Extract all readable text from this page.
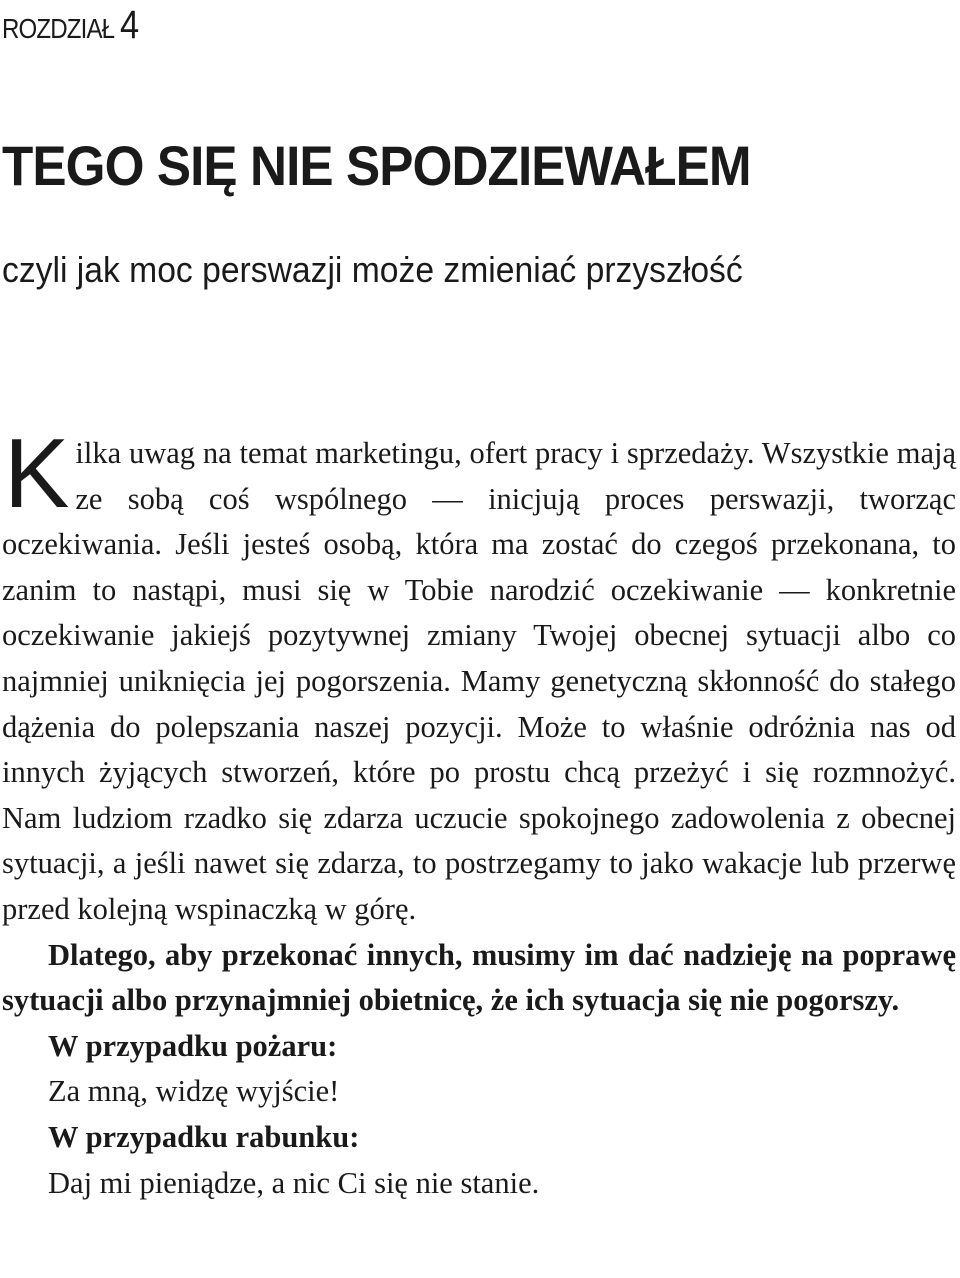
ROZDZIAŁ 4
TEGO SIĘ NIE SPODZIEWAŁEM
czyli jak moc perswazji może zmieniać przyszłość

Kilka uwag na temat marketingu, ofert pracy i sprzedaży. Wszystkie mają ze sobą coś wspólnego — inicjują proces perswazji, tworząc oczekiwania. Jeśli jesteś osobą, która ma zostać do czegoś przekonana, to zanim to nastąpi, musi się w Tobie narodzić oczekiwanie — konkretnie oczekiwanie jakiejś pozytywnej zmiany Twojej obecnej sytuacji albo co najmniej uniknięcia jej pogorszenia. Mamy genetyczną skłonność do stałego dążenia do polepszania naszej pozycji. Może to właśnie odróżnia nas od innych żyjących stworzeń, które po prostu chcą przeżyć i się rozmnożyć. Nam ludziom rzadko się zdarza uczucie spokojnego zadowolenia z obecnej sytuacji, a jeśli nawet się zdarza, to postrzegamy to jako wakacje lub przerwę przed kolejną wspinaczką w górę.

Dlatego, aby przekonać innych, musimy im dać nadzieję na poprawę sytuacji albo przynajmniej obietnicę, że ich sytuacja się nie pogorszy.

W przypadku pożaru:

Za mną, widzę wyjście!

W przypadku rabunku:

Daj mi pieniądze, a nic Ci się nie stanie.
